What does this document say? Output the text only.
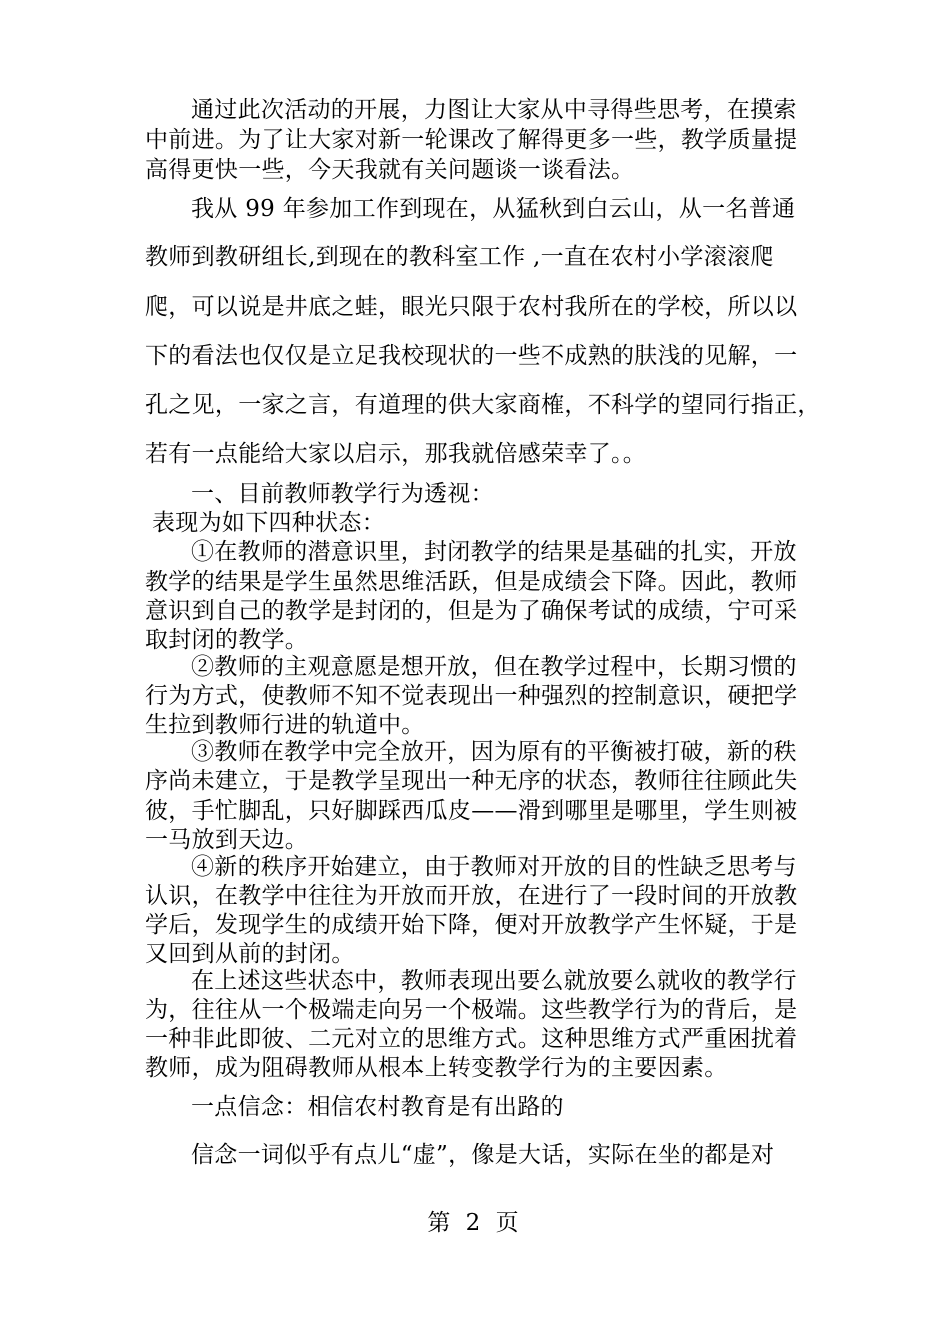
通过此次活动的开展，力图让大家从中寻得些思考，在摸索
中前进。为了让大家对新一轮课改了解得更多一些，教学质量提
高得更快一些，今天我就有关问题谈一谈看法。
我从 99 年参加工作到现在，从猛秋到白云山，从一名普通
教师到教研组长,到现在的教科室工作 ,一直在农村小学滚滚爬
爬，可以说是井底之蛙，眼光只限于农村我所在的学校，所以以
下的看法也仅仅是立足我校现状的一些不成熟的肤浅的见解，一
孔之见，一家之言，有道理的供大家商榷，不科学的望同行指正，
若有一点能给大家以启示，那我就倍感荣幸了。。
一、目前教师教学行为透视：
表现为如下四种状态：
①在教师的潜意识里，封闭教学的结果是基础的扎实，开放
教学的结果是学生虽然思维活跃，但是成绩会下降。因此，教师
意识到自己的教学是封闭的，但是为了确保考试的成绩，宁可采
取封闭的教学。
②教师的主观意愿是想开放，但在教学过程中，长期习惯的
行为方式，使教师不知不觉表现出一种强烈的控制意识，硬把学
生拉到教师行进的轨道中。
③教师在教学中完全放开，因为原有的平衡被打破，新的秩
序尚未建立，于是教学呈现出一种无序的状态，教师往往顾此失
彼，手忙脚乱，只好脚踩西瓜皮——滑到哪里是哪里，学生则被
一马放到天边。
④新的秩序开始建立，由于教师对开放的目的性缺乏思考与
认识，在教学中往往为开放而开放，在进行了一段时间的开放教
学后，发现学生的成绩开始下降，便对开放教学产生怀疑，于是
又回到从前的封闭。
在上述这些状态中，教师表现出要么就放要么就收的教学行
为，往往从一个极端走向另一个极端。这些教学行为的背后，是
一种非此即彼、二元对立的思维方式。这种思维方式严重困扰着
教师，成为阻碍教师从根本上转变教学行为的主要因素。
一点信念：相信农村教育是有出路的
信念一词似乎有点儿“虚”，像是大话，实际在坐的都是对
第 2 页
